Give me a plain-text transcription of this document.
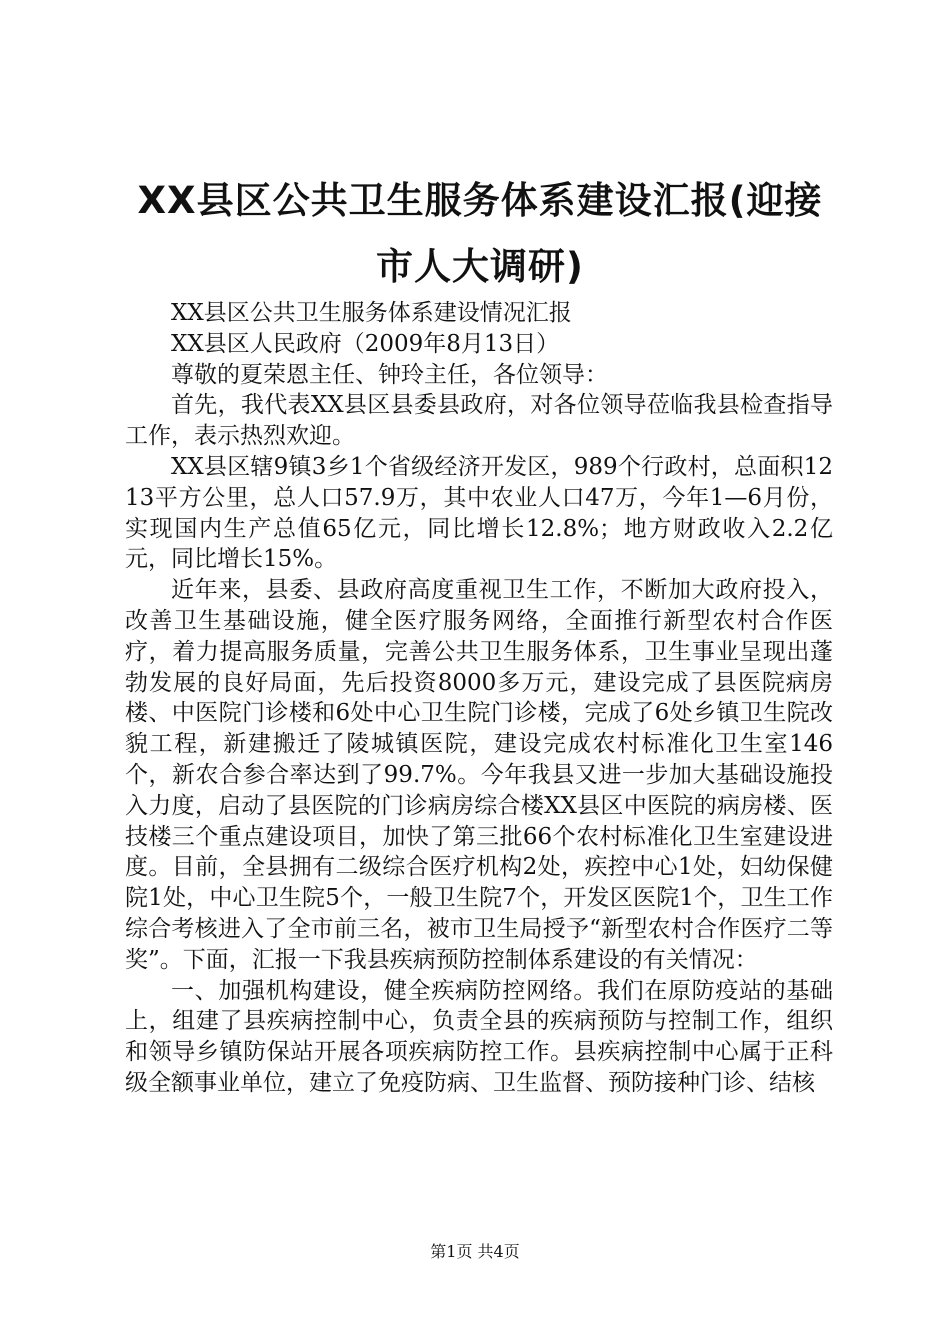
XX县区公共卫生服务体系建设汇报(迎接市人大调研)

XX县区公共卫生服务体系建设情况汇报

XX县区人民政府（2009年8月13日）

尊敬的夏荣恩主任、钟玲主任，各位领导：

首先，我代表XX县区县委县政府，对各位领导莅临我县检查指导工作，表示热烈欢迎。

XX县区辖9镇3乡1个省级经济开发区，989个行政村，总面积1213平方公里，总人口57.9万，其中农业人口47万，今年1—6月份，实现国内生产总值65亿元，同比增长12.8%；地方财政收入2.2亿元，同比增长15%。

近年来，县委、县政府高度重视卫生工作，不断加大政府投入，改善卫生基础设施，健全医疗服务网络，全面推行新型农村合作医疗，着力提高服务质量，完善公共卫生服务体系，卫生事业呈现出蓬勃发展的良好局面，先后投资8000多万元，建设完成了县医院病房楼、中医院门诊楼和6处中心卫生院门诊楼，完成了6处乡镇卫生院改貌工程，新建搬迁了陵城镇医院，建设完成农村标准化卫生室146个，新农合参合率达到了99.7%。今年我县又进一步加大基础设施投入力度，启动了县医院的门诊病房综合楼XX县区中医院的病房楼、医技楼三个重点建设项目，加快了第三批66个农村标准化卫生室建设进度。目前，全县拥有二级综合医疗机构2处，疾控中心1处，妇幼保健院1处，中心卫生院5个，一般卫生院7个，开发区医院1个，卫生工作综合考核进入了全市前三名，被市卫生局授予“新型农村合作医疗二等奖”。下面，汇报一下我县疾病预防控制体系建设的有关情况：

一、加强机构建设，健全疾病防控网络。我们在原防疫站的基础上，组建了县疾病控制中心，负责全县的疾病预防与控制工作，组织和领导乡镇防保站开展各项疾病防控工作。县疾病控制中心属于正科级全额事业单位，建立了免疫防病、卫生监督、预防接种门诊、结核

第1页 共4页
